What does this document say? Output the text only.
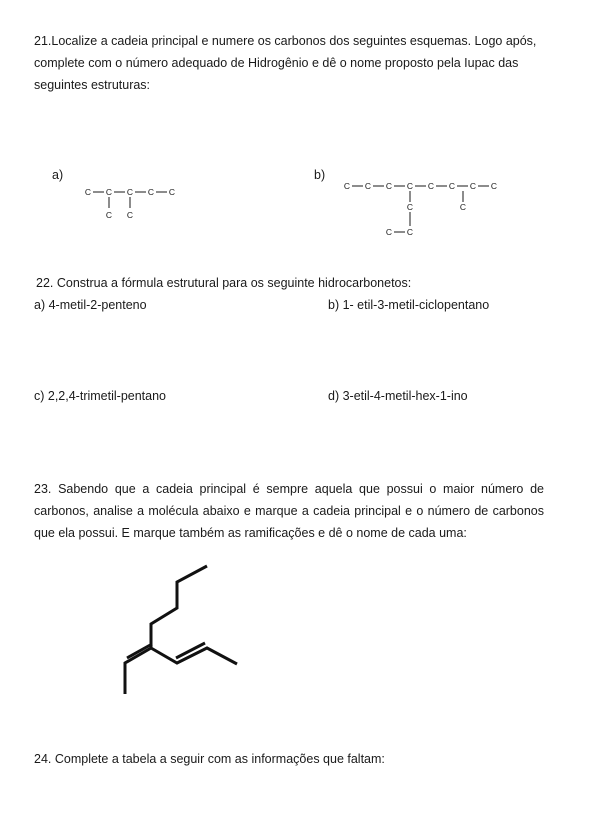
21.Localize a cadeia principal e numere os carbonos dos seguintes esquemas. Logo após, complete com o número adequado de Hidrogênio e dê o nome proposto pela Iupac das seguintes estruturas:
a)
C C C C C
C C
b)
C C C C C C C C
C	C
C C
22. Construa a fórmula estrutural para os seguinte hidrocarbonetos:
a) 4-metil-2-penteno	b) 1- etil-3-metil-ciclopentano
c) 2,2,4-trimetil-pentano	d) 3-etil-4-metil-hex-1-ino
23. Sabendo que a cadeia principal é sempre aquela que possui o maior número de carbonos, analise a molécula abaixo e marque a cadeia principal e o número de carbonos que ela possui. E marque também as ramificações e dê o nome de cada uma:
24. Complete a tabela a seguir com as informações que faltam:
